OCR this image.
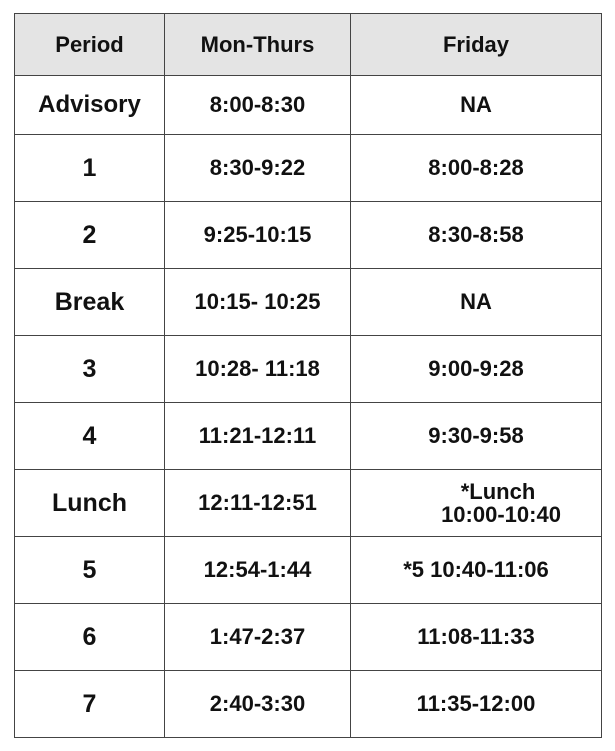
Period	Mon-Thurs	Friday
Advisory	8:00-8:30	NA
1	8:30-9:22	8:00-8:28
2	9:25-10:15	8:30-8:58
Break	10:15- 10:25	NA
3	10:28- 11:18	9:00-9:28
4	11:21-12:11	9:30-9:58
Lunch	12:11-12:51	*Lunch
10:00-10:40

5	12:54-1:44	*5 10:40-11:06
6	1:47-2:37	11:08-11:33
7	2:40-3:30	11:35-12:00
